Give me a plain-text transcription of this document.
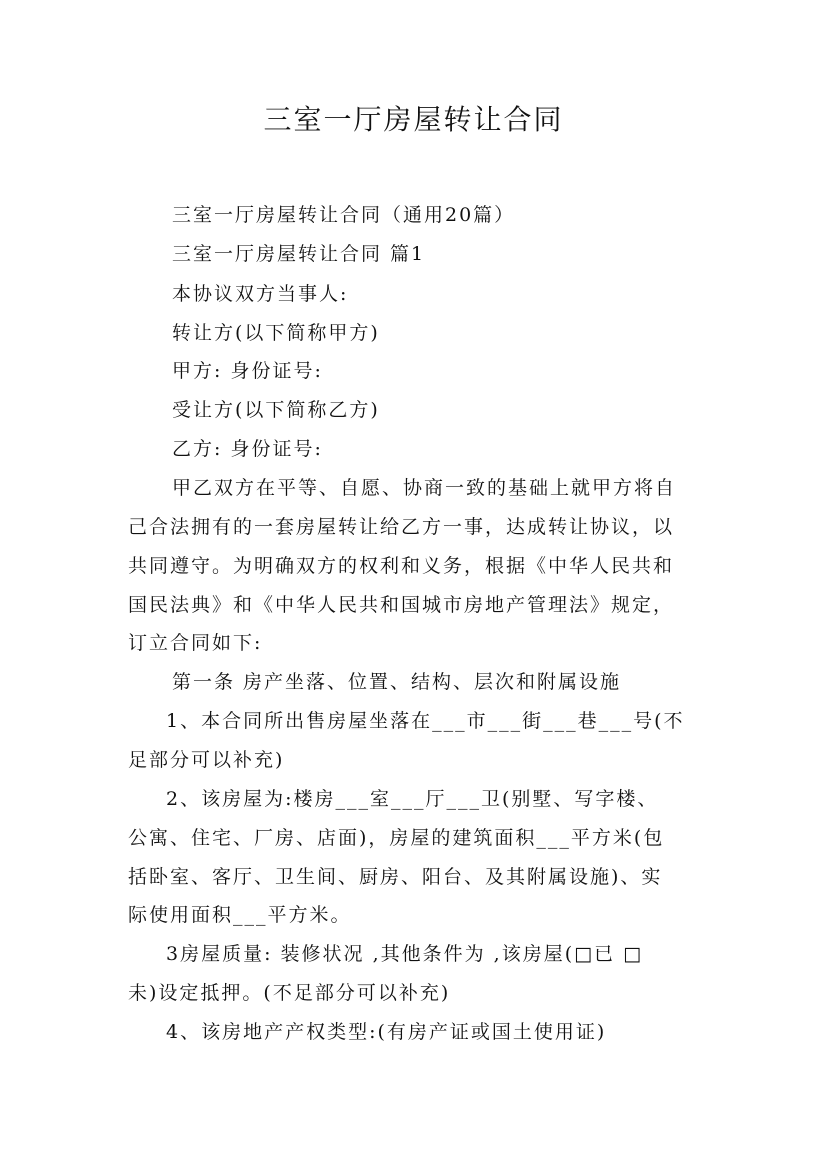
三室一厅房屋转让合同
三室一厅房屋转让合同（通用20篇）
三室一厅房屋转让合同 篇1
本协议双方当事人:
转让方(以下简称甲方)
甲方: 身份证号:
受让方(以下简称乙方)
乙方: 身份证号:
甲乙双方在平等、自愿、协商一致的基础上就甲方将自
己合法拥有的一套房屋转让给乙方一事，达成转让协议，以
共同遵守。为明确双方的权利和义务，根据《中华人民共和
国民法典》和《中华人民共和国城市房地产管理法》规定，
订立合同如下:
第一条 房产坐落、位置、结构、层次和附属设施
1、本合同所出售房屋坐落在___市___街___巷___号(不
足部分可以补充)
2、该房屋为:楼房___室___厅___卫(别墅、写字楼、
公寓、住宅、厂房、店面)，房屋的建筑面积___平方米(包
括卧室、客厅、卫生间、厨房、阳台、及其附属设施)、实
际使用面积___平方米。
3房屋质量: 装修状况 ,其他条件为 ,该房屋(□已 □
未)设定抵押。(不足部分可以补充)
4、该房地产产权类型:(有房产证或国土使用证)
